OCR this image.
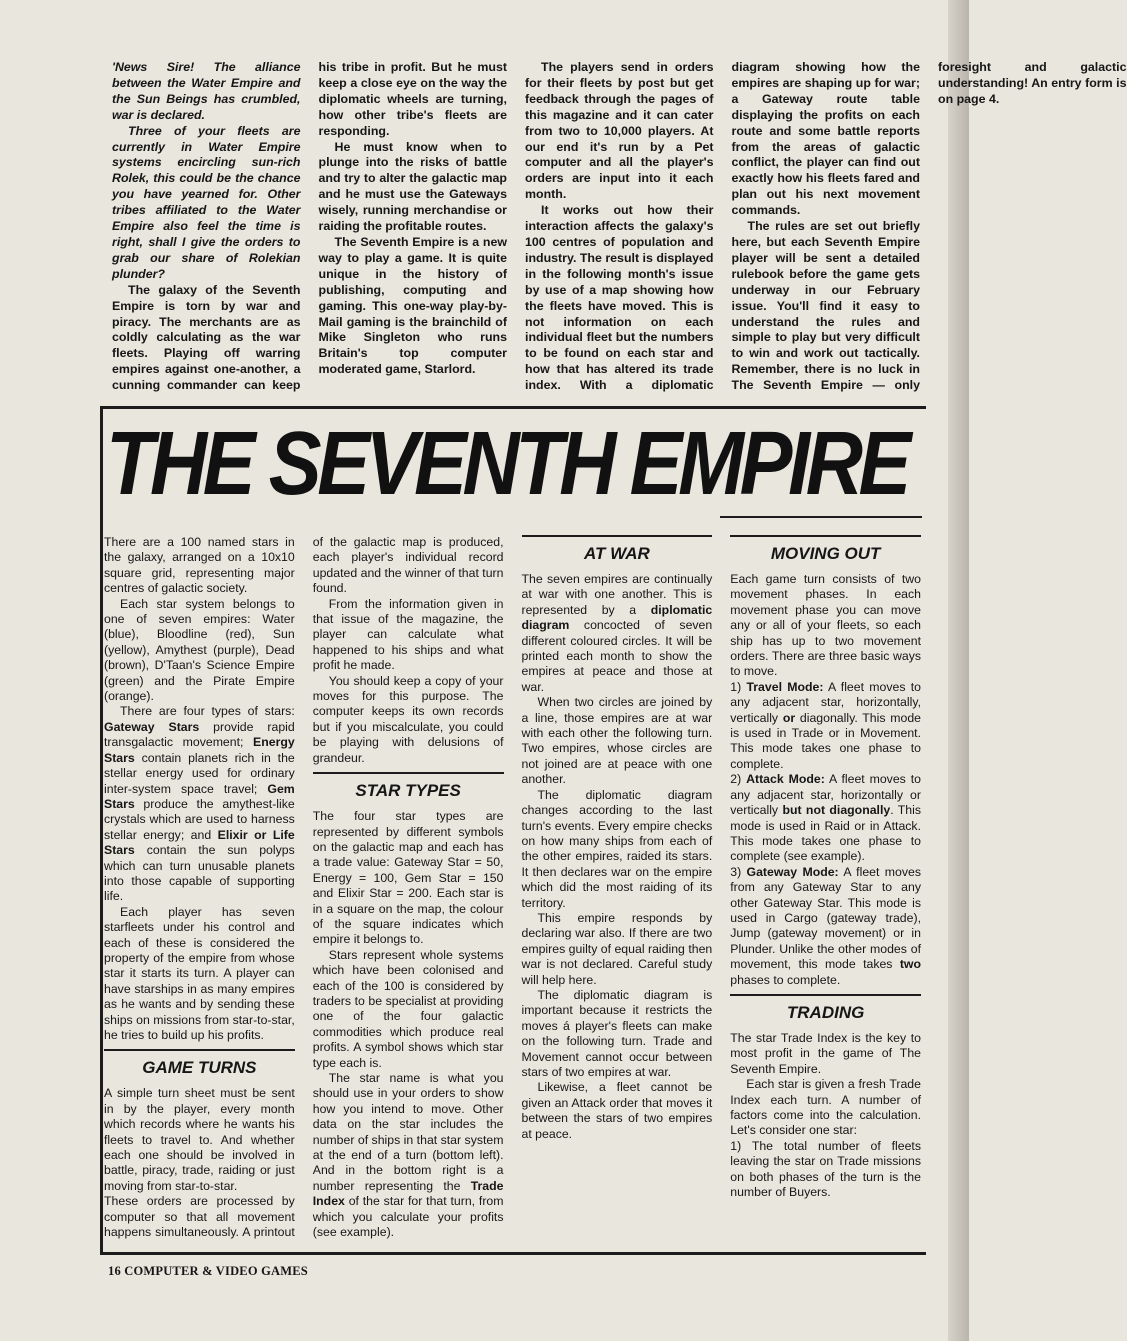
'News Sire! The alliance between the Water Empire and the Sun Beings has crumbled, war is declared.

Three of your fleets are currently in Water Empire systems encircling sun-rich Rolek, this could be the chance you have yearned for. Other tribes affiliated to the Water Empire also feel the time is right, shall I give the orders to grab our share of Rolekian plunder?

The galaxy of the Seventh Empire is torn by war and piracy. The merchants are as coldly calculating as the war fleets. Playing off warring empires against one-another, a cunning commander can keep his tribe in profit. But he must keep a close eye on the way the diplomatic wheels are turning, how other tribe's fleets are responding.

He must know when to plunge into the risks of battle and try to alter the galactic map and he must use the Gateways wisely, running merchandise or raiding the profitable routes.

The Seventh Empire is a new way to play a game. It is quite unique in the history of publishing, computing and gaming. This one-way play-by-Mail gaming is the brainchild of Mike Singleton who runs Britain's top computer moderated game, Starlord.

The players send in orders for their fleets by post but get feedback through the pages of this magazine and it can cater from two to 10,000 players. At our end it's run by a Pet computer and all the player's orders are input into it each month.

It works out how their interaction affects the galaxy's 100 centres of population and industry. The result is displayed in the following month's issue by use of a map showing how the fleets have moved. This is not information on each individual fleet but the numbers to be found on each star and how that has altered its trade index. With a diplomatic diagram showing how the empires are shaping up for war; a Gateway route table displaying the profits on each route and some battle reports from the areas of galactic conflict, the player can find out exactly how his fleets fared and plan out his next movement commands.

The rules are set out briefly here, but each Seventh Empire player will be sent a detailed rulebook before the game gets underway in our February issue. You'll find it easy to understand the rules and simple to play but very difficult to win and work out tactically. Remember, there is no luck in The Seventh Empire — only foresight and galactic understanding! An entry form is on page 4.

THE SEVENTH EMPIRE

There are a 100 named stars in the galaxy, arranged on a 10x10 square grid, representing major centres of galactic society.

Each star system belongs to one of seven empires: Water (blue), Bloodline (red), Sun (yellow), Amythest (purple), Dead (brown), D'Taan's Science Empire (green) and the Pirate Empire (orange).

There are four types of stars: Gateway Stars provide rapid transgalactic movement; Energy Stars contain planets rich in the stellar energy used for ordinary inter-system space travel; Gem Stars produce the amythest-like crystals which are used to harness stellar energy; and Elixir or Life Stars contain the sun polyps which can turn unusable planets into those capable of supporting life.

Each player has seven starfleets under his control and each of these is considered the property of the empire from whose star it starts its turn. A player can have starships in as many empires as he wants and by sending these ships on missions from star-to-star, he tries to build up his profits.

GAME TURNS

A simple turn sheet must be sent in by the player, every month which records where he wants his fleets to travel to. And whether each one should be involved in battle, piracy, trade, raiding or just moving from star-to-star.

These orders are processed by computer so that all movement happens simultaneously. A printout of the galactic map is produced, each player's individual record updated and the winner of that turn found.

From the information given in that issue of the magazine, the player can calculate what happened to his ships and what profit he made.

You should keep a copy of your moves for this purpose. The computer keeps its own records but if you miscalculate, you could be playing with delusions of grandeur.

STAR TYPES

The four star types are represented by different symbols on the galactic map and each has a trade value: Gateway Star = 50, Energy = 100, Gem Star = 150 and Elixir Star = 200. Each star is in a square on the map, the colour of the square indicates which empire it belongs to.

Stars represent whole systems which have been colonised and each of the 100 is considered by traders to be specialist at providing one of the four galactic commodities which produce real profits. A symbol shows which star type each is.

The star name is what you should use in your orders to show how you intend to move. Other data on the star includes the number of ships in that star system at the end of a turn (bottom left). And in the bottom right is a number representing the Trade Index of the star for that turn, from which you calculate your profits (see example).

AT WAR

The seven empires are continually at war with one another. This is represented by a diplomatic diagram concocted of seven different coloured circles. It will be printed each month to show the empires at peace and those at war.

When two circles are joined by a line, those empires are at war with each other the following turn. Two empires, whose circles are not joined are at peace with one another.

The diplomatic diagram changes according to the last turn's events. Every empire checks on how many ships from each of the other empires, raided its stars. It then declares war on the empire which did the most raiding of its territory.

This empire responds by declaring war also. If there are two empires guilty of equal raiding then war is not declared. Careful study will help here.

The diplomatic diagram is important because it restricts the moves á player's fleets can make on the following turn. Trade and Movement cannot occur between stars of two empires at war.

Likewise, a fleet cannot be given an Attack order that moves it between the stars of two empires at peace.

MOVING OUT

Each game turn consists of two movement phases. In each movement phase you can move any or all of your fleets, so each ship has up to two movement orders. There are three basic ways to move.

1) Travel Mode: A fleet moves to any adjacent star, horizontally, vertically or diagonally. This mode is used in Trade or in Movement. This mode takes one phase to complete.

2) Attack Mode: A fleet moves to any adjacent star, horizontally or vertically but not diagonally. This mode is used in Raid or in Attack. This mode takes one phase to complete (see example).

3) Gateway Mode: A fleet moves from any Gateway Star to any other Gateway Star. This mode is used in Cargo (gateway trade), Jump (gateway movement) or in Plunder. Unlike the other modes of movement, this mode takes two phases to complete.

TRADING

The star Trade Index is the key to most profit in the game of The Seventh Empire.

Each star is given a fresh Trade Index each turn. A number of factors come into the calculation. Let's consider one star:

1) The total number of fleets leaving the star on Trade missions on both phases of the turn is the number of Buyers.

16 COMPUTER & VIDEO GAMES
